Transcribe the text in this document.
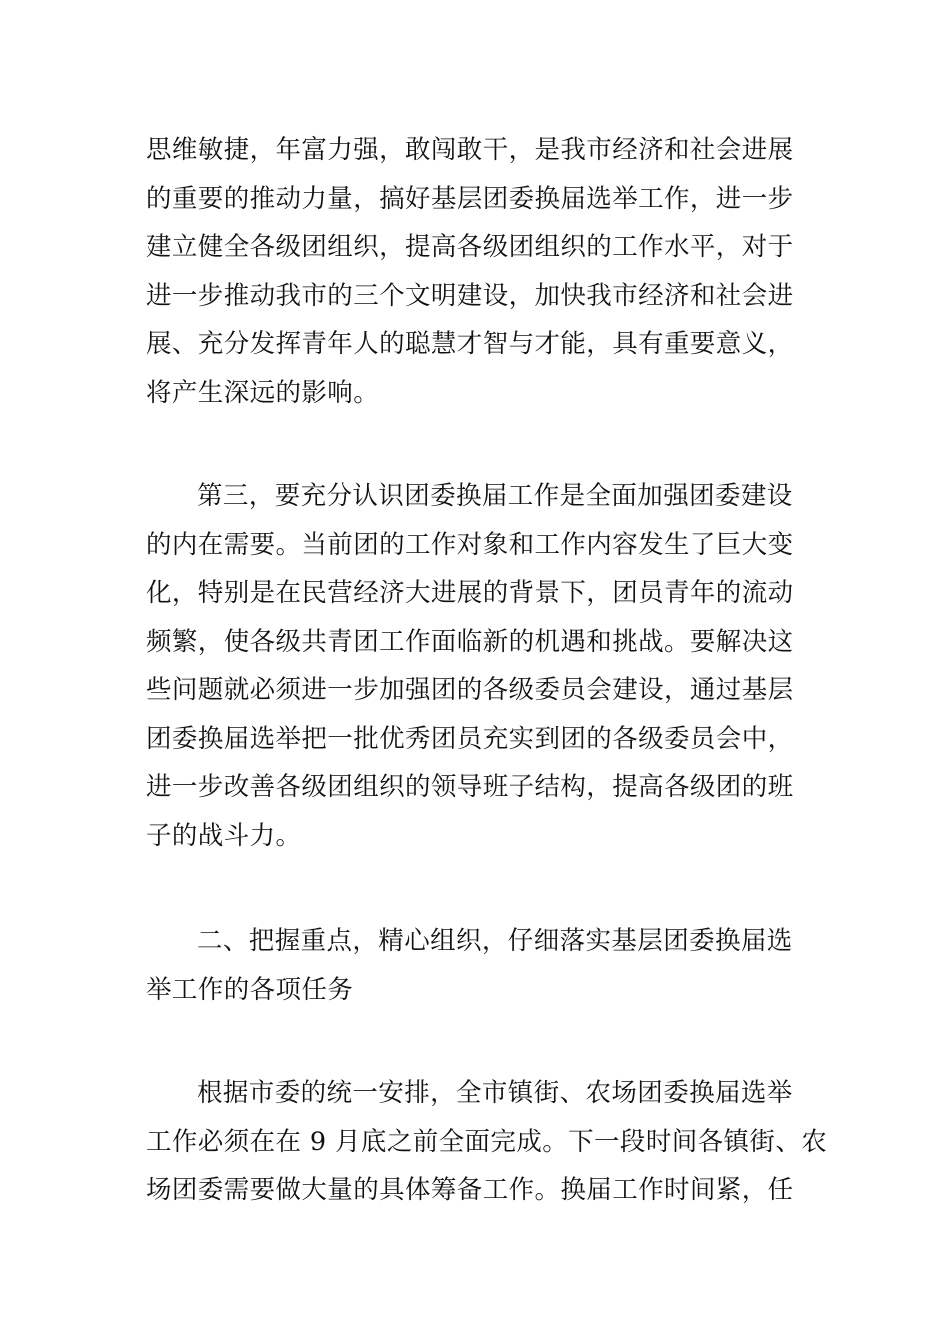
思维敏捷，年富力强，敢闯敢干，是我市经济和社会进展
的重要的推动力量，搞好基层团委换届选举工作，进一步
建立健全各级团组织，提高各级团组织的工作水平，对于
进一步推动我市的三个文明建设，加快我市经济和社会进
展、充分发挥青年人的聪慧才智与才能，具有重要意义，
将产生深远的影响。
第三，要充分认识团委换届工作是全面加强团委建设
的内在需要。当前团的工作对象和工作内容发生了巨大变
化，特别是在民营经济大进展的背景下，团员青年的流动
频繁，使各级共青团工作面临新的机遇和挑战。要解决这
些问题就必须进一步加强团的各级委员会建设，通过基层
团委换届选举把一批优秀团员充实到团的各级委员会中，
进一步改善各级团组织的领导班子结构，提高各级团的班
子的战斗力。
二、把握重点，精心组织，仔细落实基层团委换届选
举工作的各项任务
根据市委的统一安排，全市镇街、农场团委换届选举
工作必须在在 9 月底之前全面完成。下一段时间各镇街、农
场团委需要做大量的具体筹备工作。换届工作时间紧，任
